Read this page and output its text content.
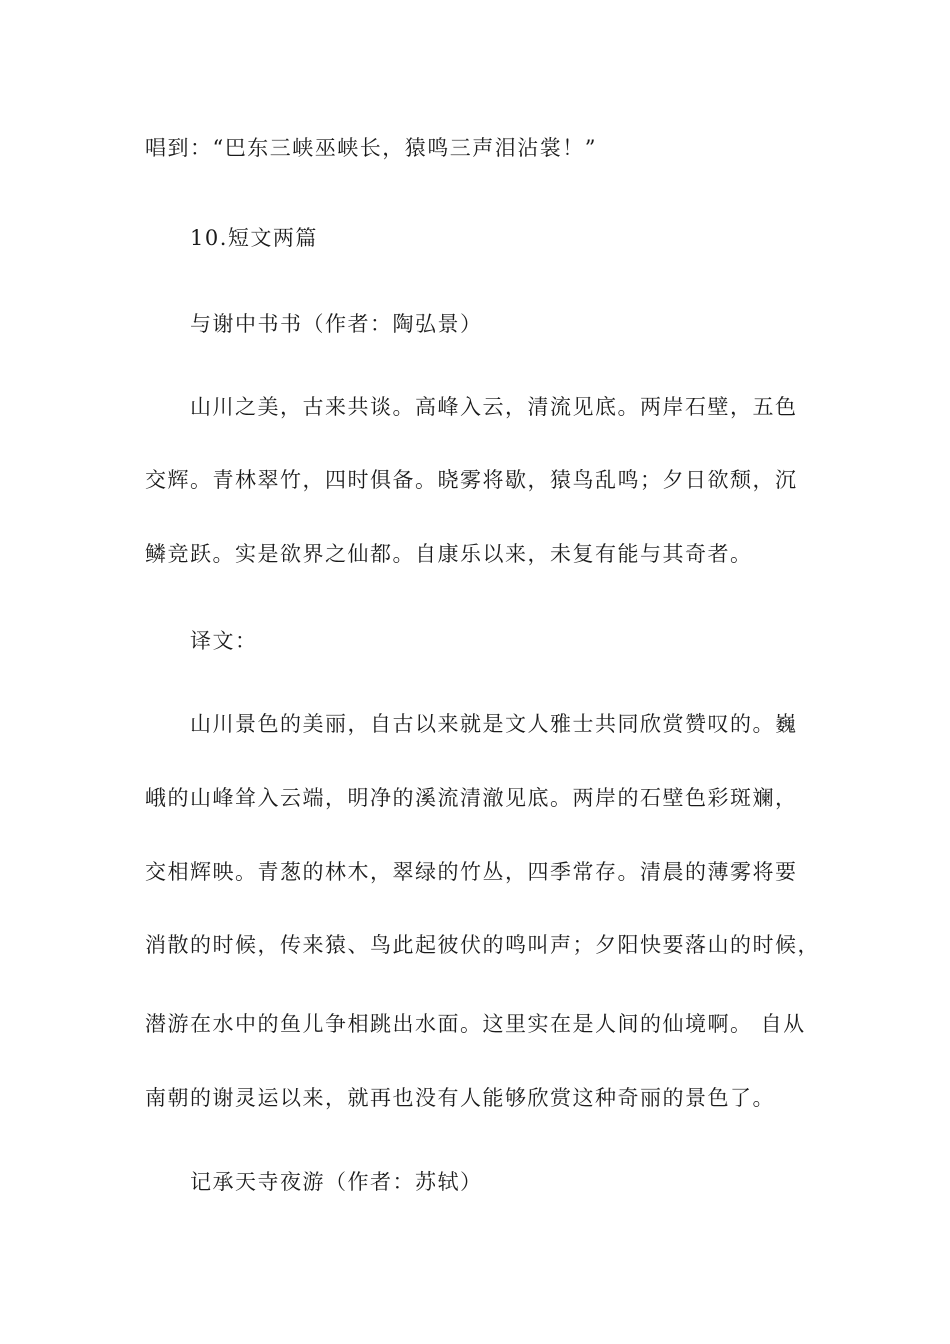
唱到：“巴东三峡巫峡长，猿鸣三声泪沾裳！”
10.短文两篇
与谢中书书（作者：陶弘景）
山川之美，古来共谈。高峰入云，清流见底。两岸石壁，五色
交辉。青林翠竹，四时俱备。晓雾将歇，猿鸟乱鸣；夕日欲颓，沉
鳞竞跃。实是欲界之仙都。自康乐以来，未复有能与其奇者。
译文：
山川景色的美丽，自古以来就是文人雅士共同欣赏赞叹的。巍
峨的山峰耸入云端，明净的溪流清澈见底。两岸的石壁色彩斑斓，
交相辉映。青葱的林木，翠绿的竹丛，四季常存。清晨的薄雾将要
消散的时候，传来猿、鸟此起彼伏的鸣叫声；夕阳快要落山的时候，
潜游在水中的鱼儿争相跳出水面。这里实在是人间的仙境啊。 自从
南朝的谢灵运以来，就再也没有人能够欣赏这种奇丽的景色了。
记承天寺夜游（作者：苏轼）
